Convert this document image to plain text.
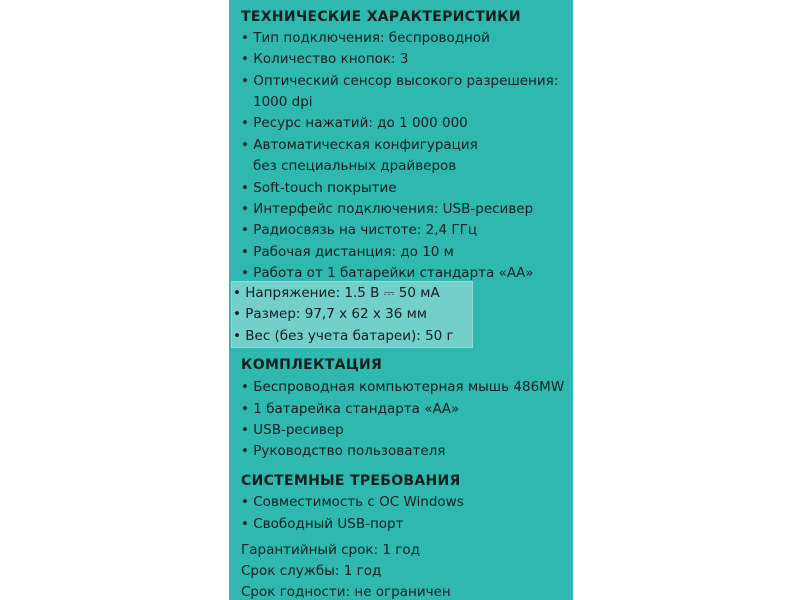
ТЕХНИЧЕСКИЕ ХАРАКТЕРИСТИКИ
• Тип подключения: беспроводной
• Количество кнопок: 3
• Оптический сенсор высокого разрешения:
1000 dpi
• Ресурс нажатий: до 1 000 000
• Автоматическая конфигурация
без специальных драйверов
• Soft-touch покрытие
• Интерфейс подключения: USB-ресивер
• Радиосвязь на чистоте: 2,4 ГГц
• Рабочая дистанция: до 10 м
• Работа от 1 батарейки стандарта «АА»
• Напряжение: 1.5 В ⎓ 50 мА
• Размер: 97,7 х 62 х 36 мм
• Вес (без учета батареи): 50 г
КОМПЛЕКТАЦИЯ
• Беспроводная компьютерная мышь 486MW
• 1 батарейка стандарта «АА»
• USB-ресивер
• Руководство пользователя
СИСТЕМНЫЕ ТРЕБОВАНИЯ
• Совместимость с ОС Windows
• Свободный USB-порт
Гарантийный срок: 1 год
Срок службы: 1 год
Срок годности: не ограничен
